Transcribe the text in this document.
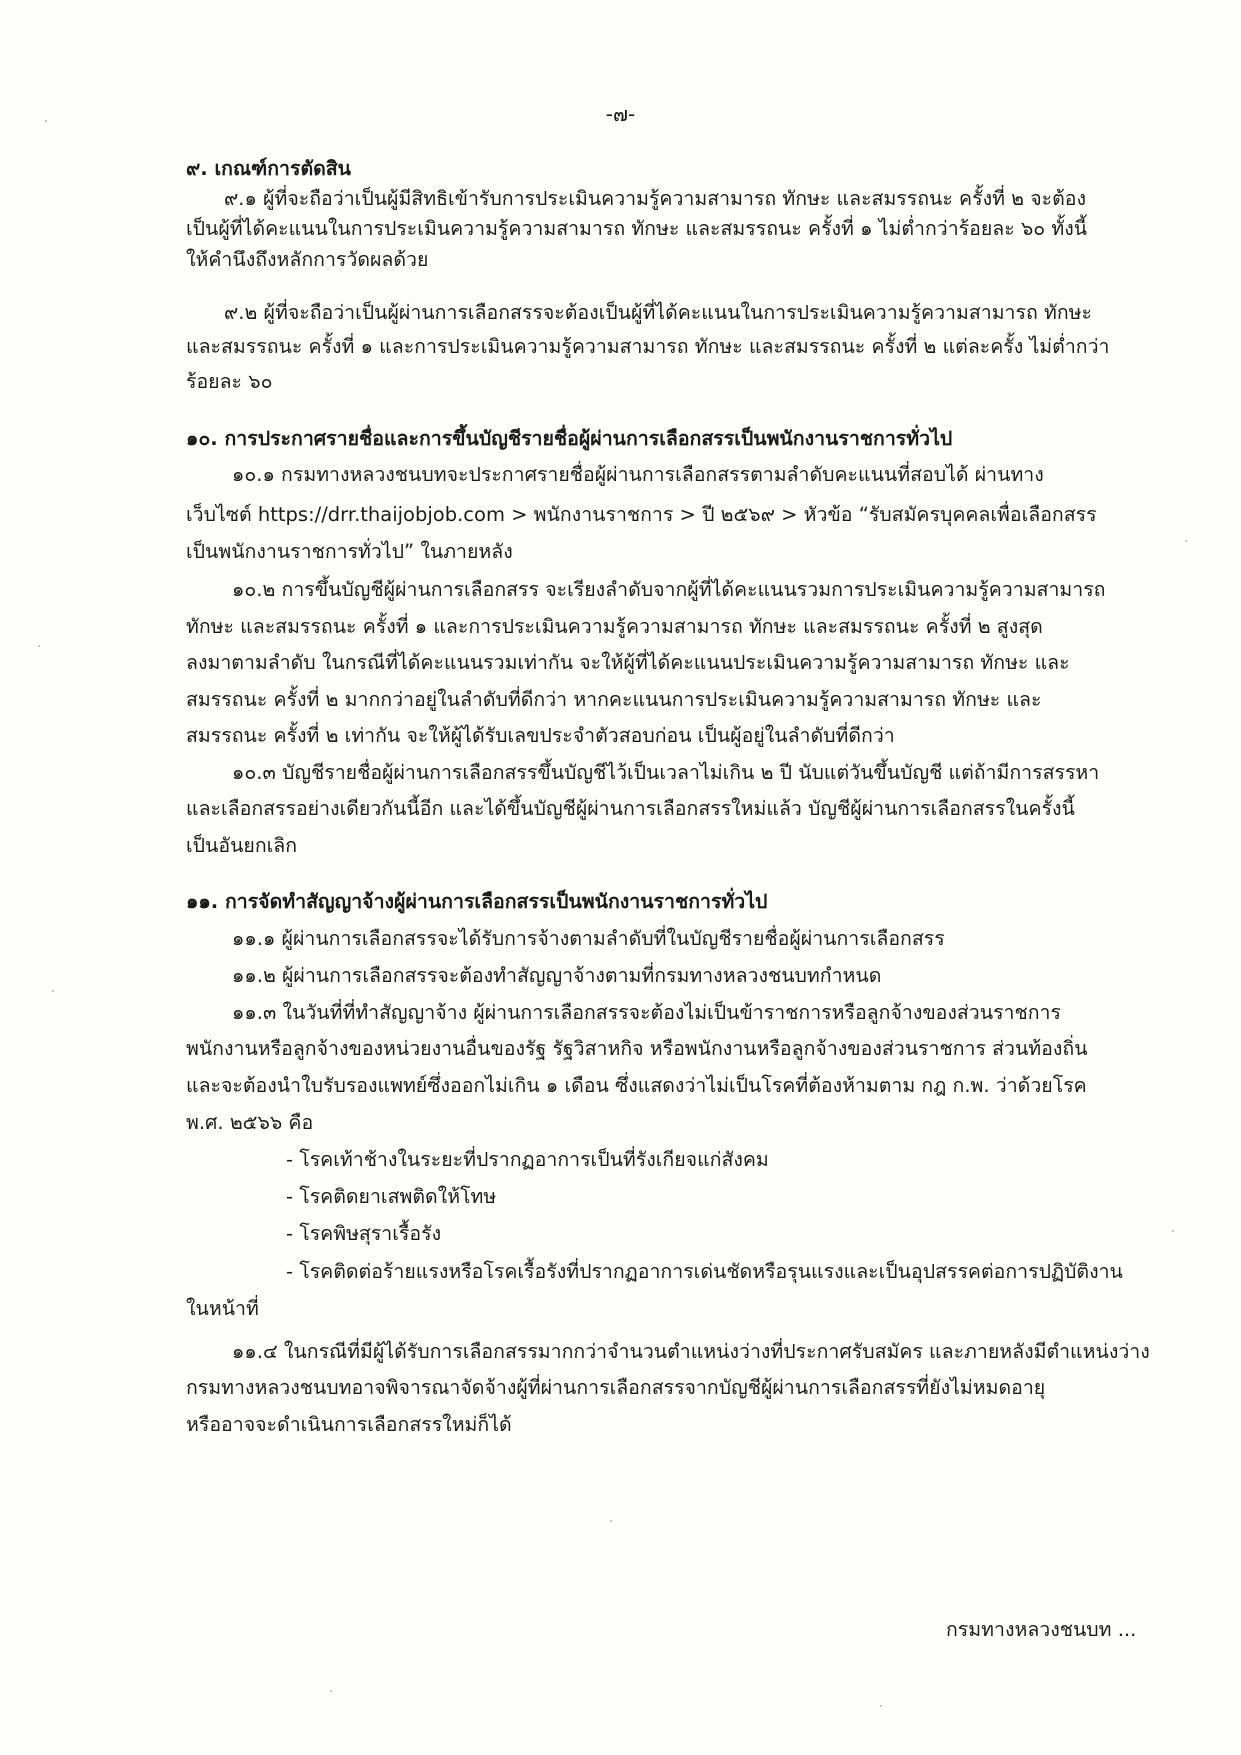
-๗-
๙. เกณฑ์การตัดสิน
๙.๑ ผู้ที่จะถือว่าเป็นผู้มีสิทธิเข้ารับการประเมินความรู้ความสามารถ ทักษะ และสมรรถนะ ครั้งที่ ๒ จะต้อง
เป็นผู้ที่ได้คะแนนในการประเมินความรู้ความสามารถ ทักษะ และสมรรถนะ ครั้งที่ ๑ ไม่ต่ำกว่าร้อยละ ๖๐ ทั้งนี้
ให้คำนึงถึงหลักการวัดผลด้วย
๙.๒ ผู้ที่จะถือว่าเป็นผู้ผ่านการเลือกสรรจะต้องเป็นผู้ที่ได้คะแนนในการประเมินความรู้ความสามารถ ทักษะ
และสมรรถนะ ครั้งที่ ๑ และการประเมินความรู้ความสามารถ ทักษะ และสมรรถนะ ครั้งที่ ๒ แต่ละครั้ง ไม่ต่ำกว่า
ร้อยละ ๖๐
๑๐. การประกาศรายชื่อและการขึ้นบัญชีรายชื่อผู้ผ่านการเลือกสรรเป็นพนักงานราชการทั่วไป
๑๐.๑ กรมทางหลวงชนบทจะประกาศรายชื่อผู้ผ่านการเลือกสรรตามลำดับคะแนนที่สอบได้ ผ่านทาง
เว็บไซต์ https://drr.thaijobjob.com > พนักงานราชการ > ปี ๒๕๖๙ > หัวข้อ “รับสมัครบุคคลเพื่อเลือกสรร
เป็นพนักงานราชการทั่วไป” ในภายหลัง
๑๐.๒ การขึ้นบัญชีผู้ผ่านการเลือกสรร จะเรียงลำดับจากผู้ที่ได้คะแนนรวมการประเมินความรู้ความสามารถ
ทักษะ และสมรรถนะ ครั้งที่ ๑ และการประเมินความรู้ความสามารถ ทักษะ และสมรรถนะ ครั้งที่ ๒ สูงสุด
ลงมาตามลำดับ ในกรณีที่ได้คะแนนรวมเท่ากัน จะให้ผู้ที่ได้คะแนนประเมินความรู้ความสามารถ ทักษะ และ
สมรรถนะ ครั้งที่ ๒ มากกว่าอยู่ในลำดับที่ดีกว่า หากคะแนนการประเมินความรู้ความสามารถ ทักษะ และ
สมรรถนะ ครั้งที่ ๒ เท่ากัน จะให้ผู้ได้รับเลขประจำตัวสอบก่อน เป็นผู้อยู่ในลำดับที่ดีกว่า
๑๐.๓ บัญชีรายชื่อผู้ผ่านการเลือกสรรขึ้นบัญชีไว้เป็นเวลาไม่เกิน ๒ ปี นับแต่วันขึ้นบัญชี แต่ถ้ามีการสรรหา
และเลือกสรรอย่างเดียวกันนี้อีก และได้ขึ้นบัญชีผู้ผ่านการเลือกสรรใหม่แล้ว บัญชีผู้ผ่านการเลือกสรรในครั้งนี้
เป็นอันยกเลิก
๑๑. การจัดทำสัญญาจ้างผู้ผ่านการเลือกสรรเป็นพนักงานราชการทั่วไป
๑๑.๑ ผู้ผ่านการเลือกสรรจะได้รับการจ้างตามลำดับที่ในบัญชีรายชื่อผู้ผ่านการเลือกสรร
๑๑.๒ ผู้ผ่านการเลือกสรรจะต้องทำสัญญาจ้างตามที่กรมทางหลวงชนบทกำหนด
๑๑.๓ ในวันที่ที่ทำสัญญาจ้าง ผู้ผ่านการเลือกสรรจะต้องไม่เป็นข้าราชการหรือลูกจ้างของส่วนราชการ
พนักงานหรือลูกจ้างของหน่วยงานอื่นของรัฐ รัฐวิสาหกิจ หรือพนักงานหรือลูกจ้างของส่วนราชการ ส่วนท้องถิ่น
และจะต้องนำใบรับรองแพทย์ซึ่งออกไม่เกิน ๑ เดือน ซึ่งแสดงว่าไม่เป็นโรคที่ต้องห้ามตาม กฎ ก.พ. ว่าด้วยโรค
พ.ศ. ๒๕๖๖ คือ
- โรคเท้าช้างในระยะที่ปรากฏอาการเป็นที่รังเกียจแก่สังคม
- โรคติดยาเสพติดให้โทษ
- โรคพิษสุราเรื้อรัง
- โรคติดต่อร้ายแรงหรือโรคเรื้อรังที่ปรากฏอาการเด่นชัดหรือรุนแรงและเป็นอุปสรรคต่อการปฏิบัติงาน
ในหน้าที่
๑๑.๔ ในกรณีที่มีผู้ได้รับการเลือกสรรมากกว่าจำนวนตำแหน่งว่างที่ประกาศรับสมัคร และภายหลังมีตำแหน่งว่าง
กรมทางหลวงชนบทอาจพิจารณาจัดจ้างผู้ที่ผ่านการเลือกสรรจากบัญชีผู้ผ่านการเลือกสรรที่ยังไม่หมดอายุ
หรืออาจจะดำเนินการเลือกสรรใหม่ก็ได้
กรมทางหลวงชนบท ...
